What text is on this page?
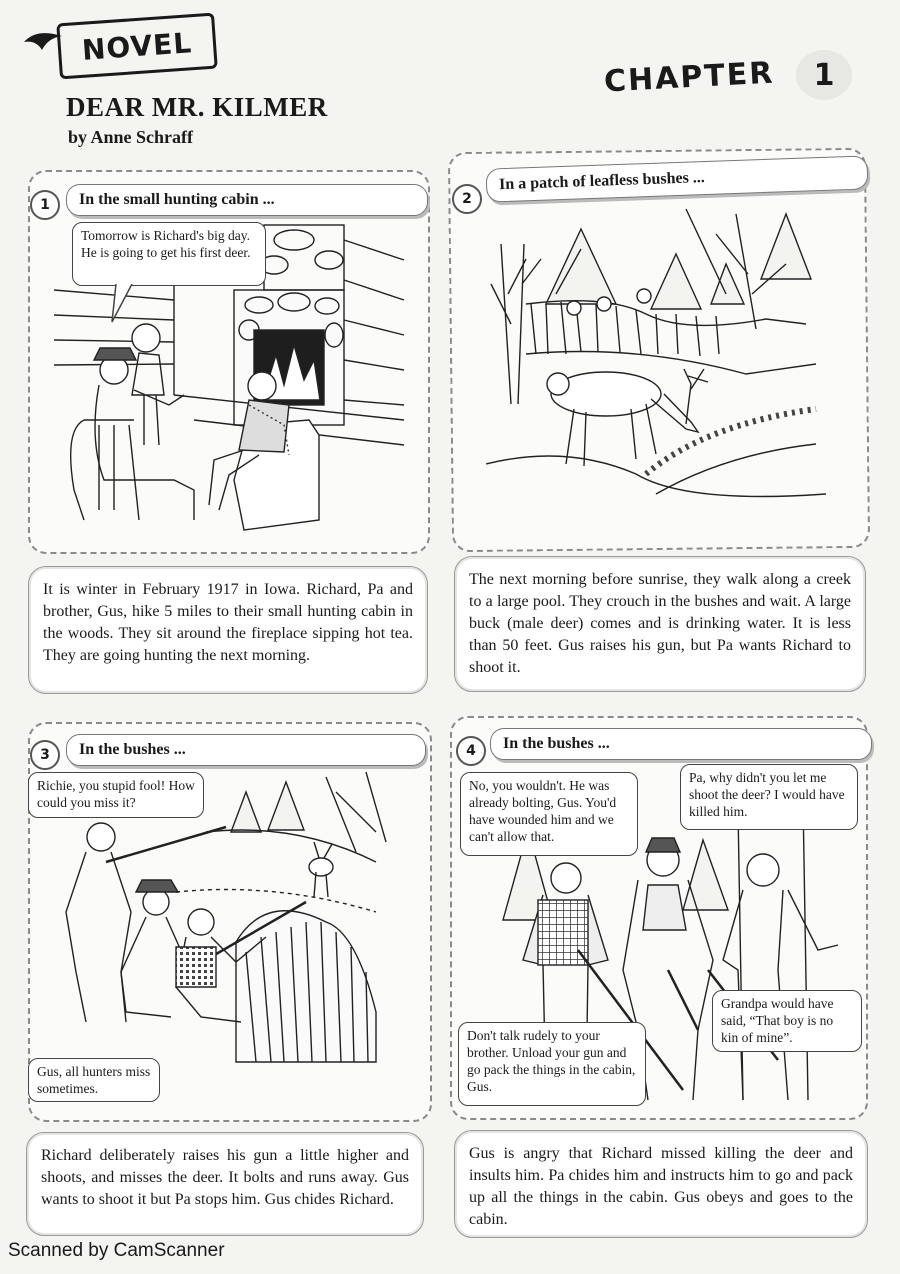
NOVEL
CHAPTER	1
DEAR MR. KILMER
by Anne Schraff
1	In the small hunting cabin ...
Tomorrow is Richard's big day. He is going to get his first deer.
It is winter in February 1917 in Iowa. Richard, Pa and brother, Gus, hike 5 miles to their small hunting cabin in the woods. They sit around the fireplace sipping hot tea. They are going hunting the next morning.
2
In a patch of leafless bushes ...
The next morning before sunrise, they walk along a creek to a large pool. They crouch in the bushes and wait. A large buck (male deer) comes and is drinking water. It is less than 50 feet. Gus raises his gun, but Pa wants Richard to shoot it.
3	In the bushes ...
Richie, you stupid fool! How could you miss it?
Gus, all hunters miss sometimes.
Richard deliberately raises his gun a little higher and shoots, and misses the deer. It bolts and runs away. Gus wants to shoot it but Pa stops him. Gus chides Richard.
4	In the bushes ...
No, you wouldn't. He was already bolting, Gus. You'd have wounded him and we can't allow that.
Pa, why didn't you let me shoot the deer? I would have killed him.
Grandpa would have said, “That boy is no kin of mine”.
Don't talk rudely to your brother. Unload your gun and go pack the things in the cabin, Gus.
Gus is angry that Richard missed killing the deer and insults him. Pa chides him and instructs him to go and pack up all the things in the cabin. Gus obeys and goes to the cabin.
Scanned by CamScanner
